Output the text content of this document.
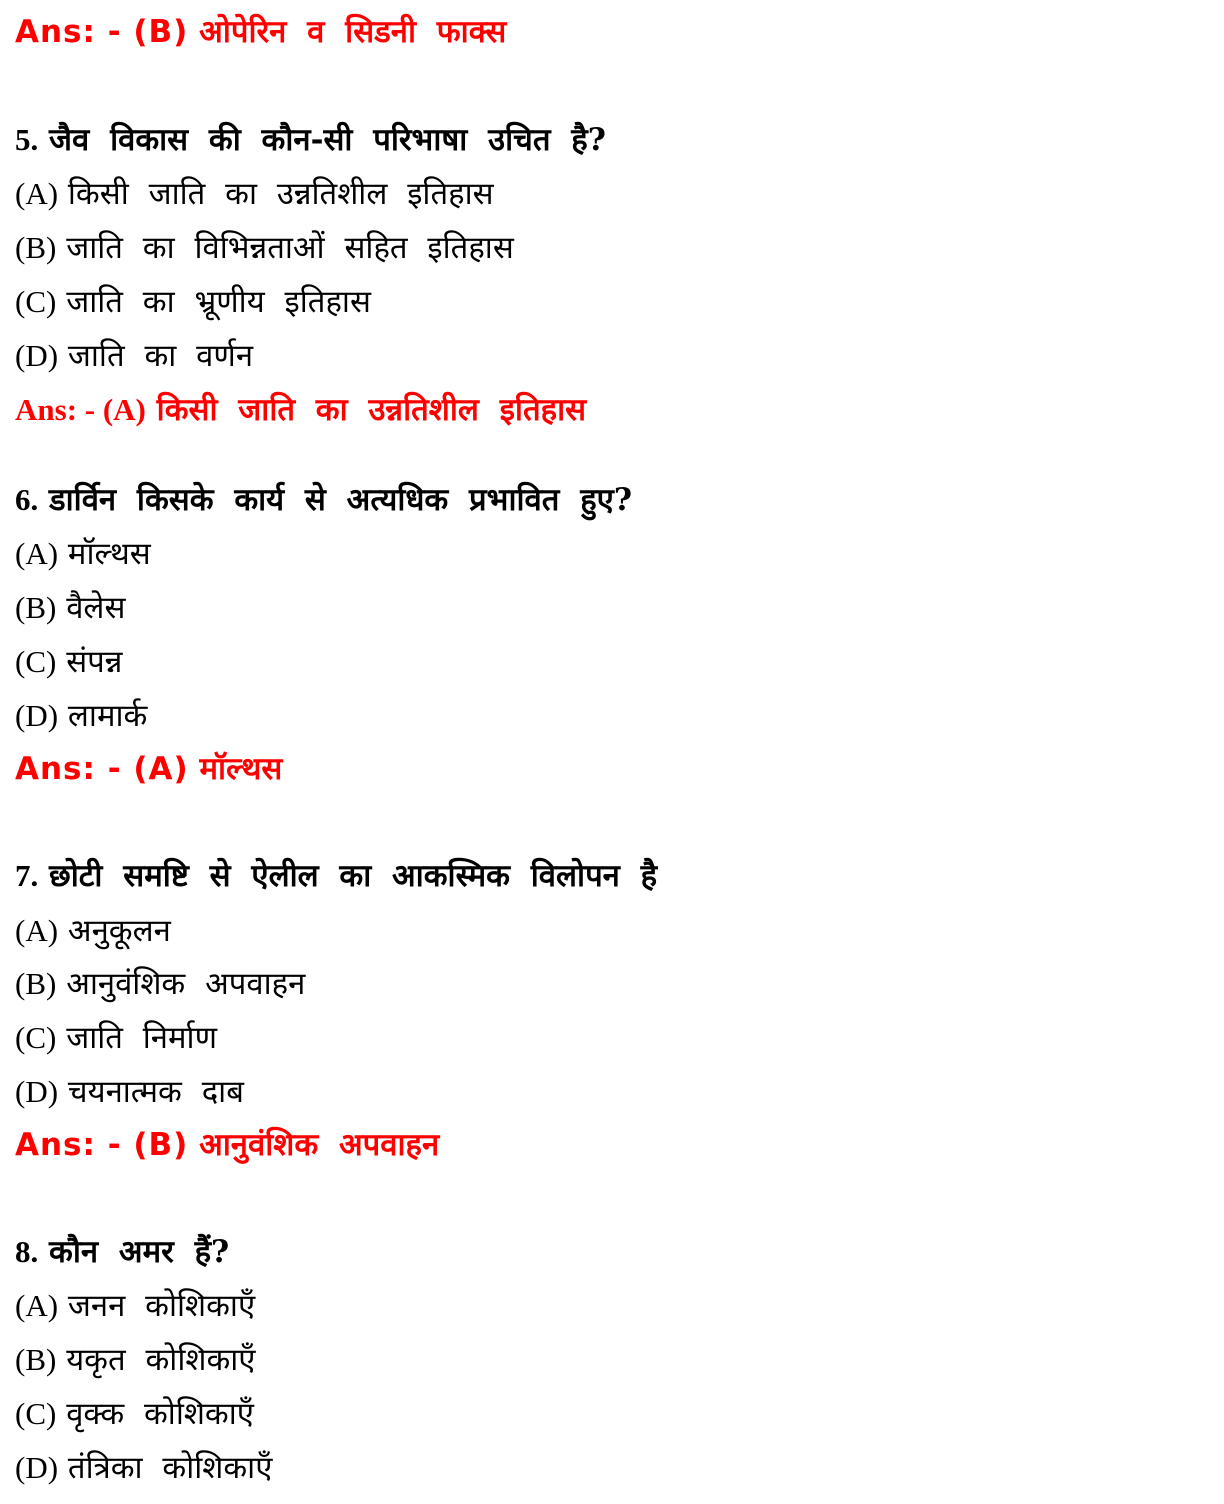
Ans: - (B) ओपेरिन व सिडनी फाक्स
5. जैव विकास की कौन-सी परिभाषा उचित है?
(A) किसी जाति का उन्नतिशील इतिहास
(B) जाति का विभिन्नताओं सहित इतिहास
(C) जाति का भ्रूणीय इतिहास
(D) जाति का वर्णन
Ans: - (A) किसी जाति का उन्नतिशील इतिहास
6. डार्विन किसके कार्य से अत्यधिक प्रभावित हुए?
(A) मॉल्थस
(B) वैलेस
(C) संपन्न
(D) लामार्क
Ans: - (A) मॉल्थस
7. छोटी समष्टि से ऐलील का आकस्मिक विलोपन है
(A) अनुकूलन
(B) आनुवंशिक अपवाहन
(C) जाति निर्माण
(D) चयनात्मक दाब
Ans: - (B) आनुवंशिक अपवाहन
8. कौन अमर हैं?
(A) जनन कोशिकाएँ
(B) यकृत कोशिकाएँ
(C) वृक्क कोशिकाएँ
(D) तंत्रिका कोशिकाएँ
